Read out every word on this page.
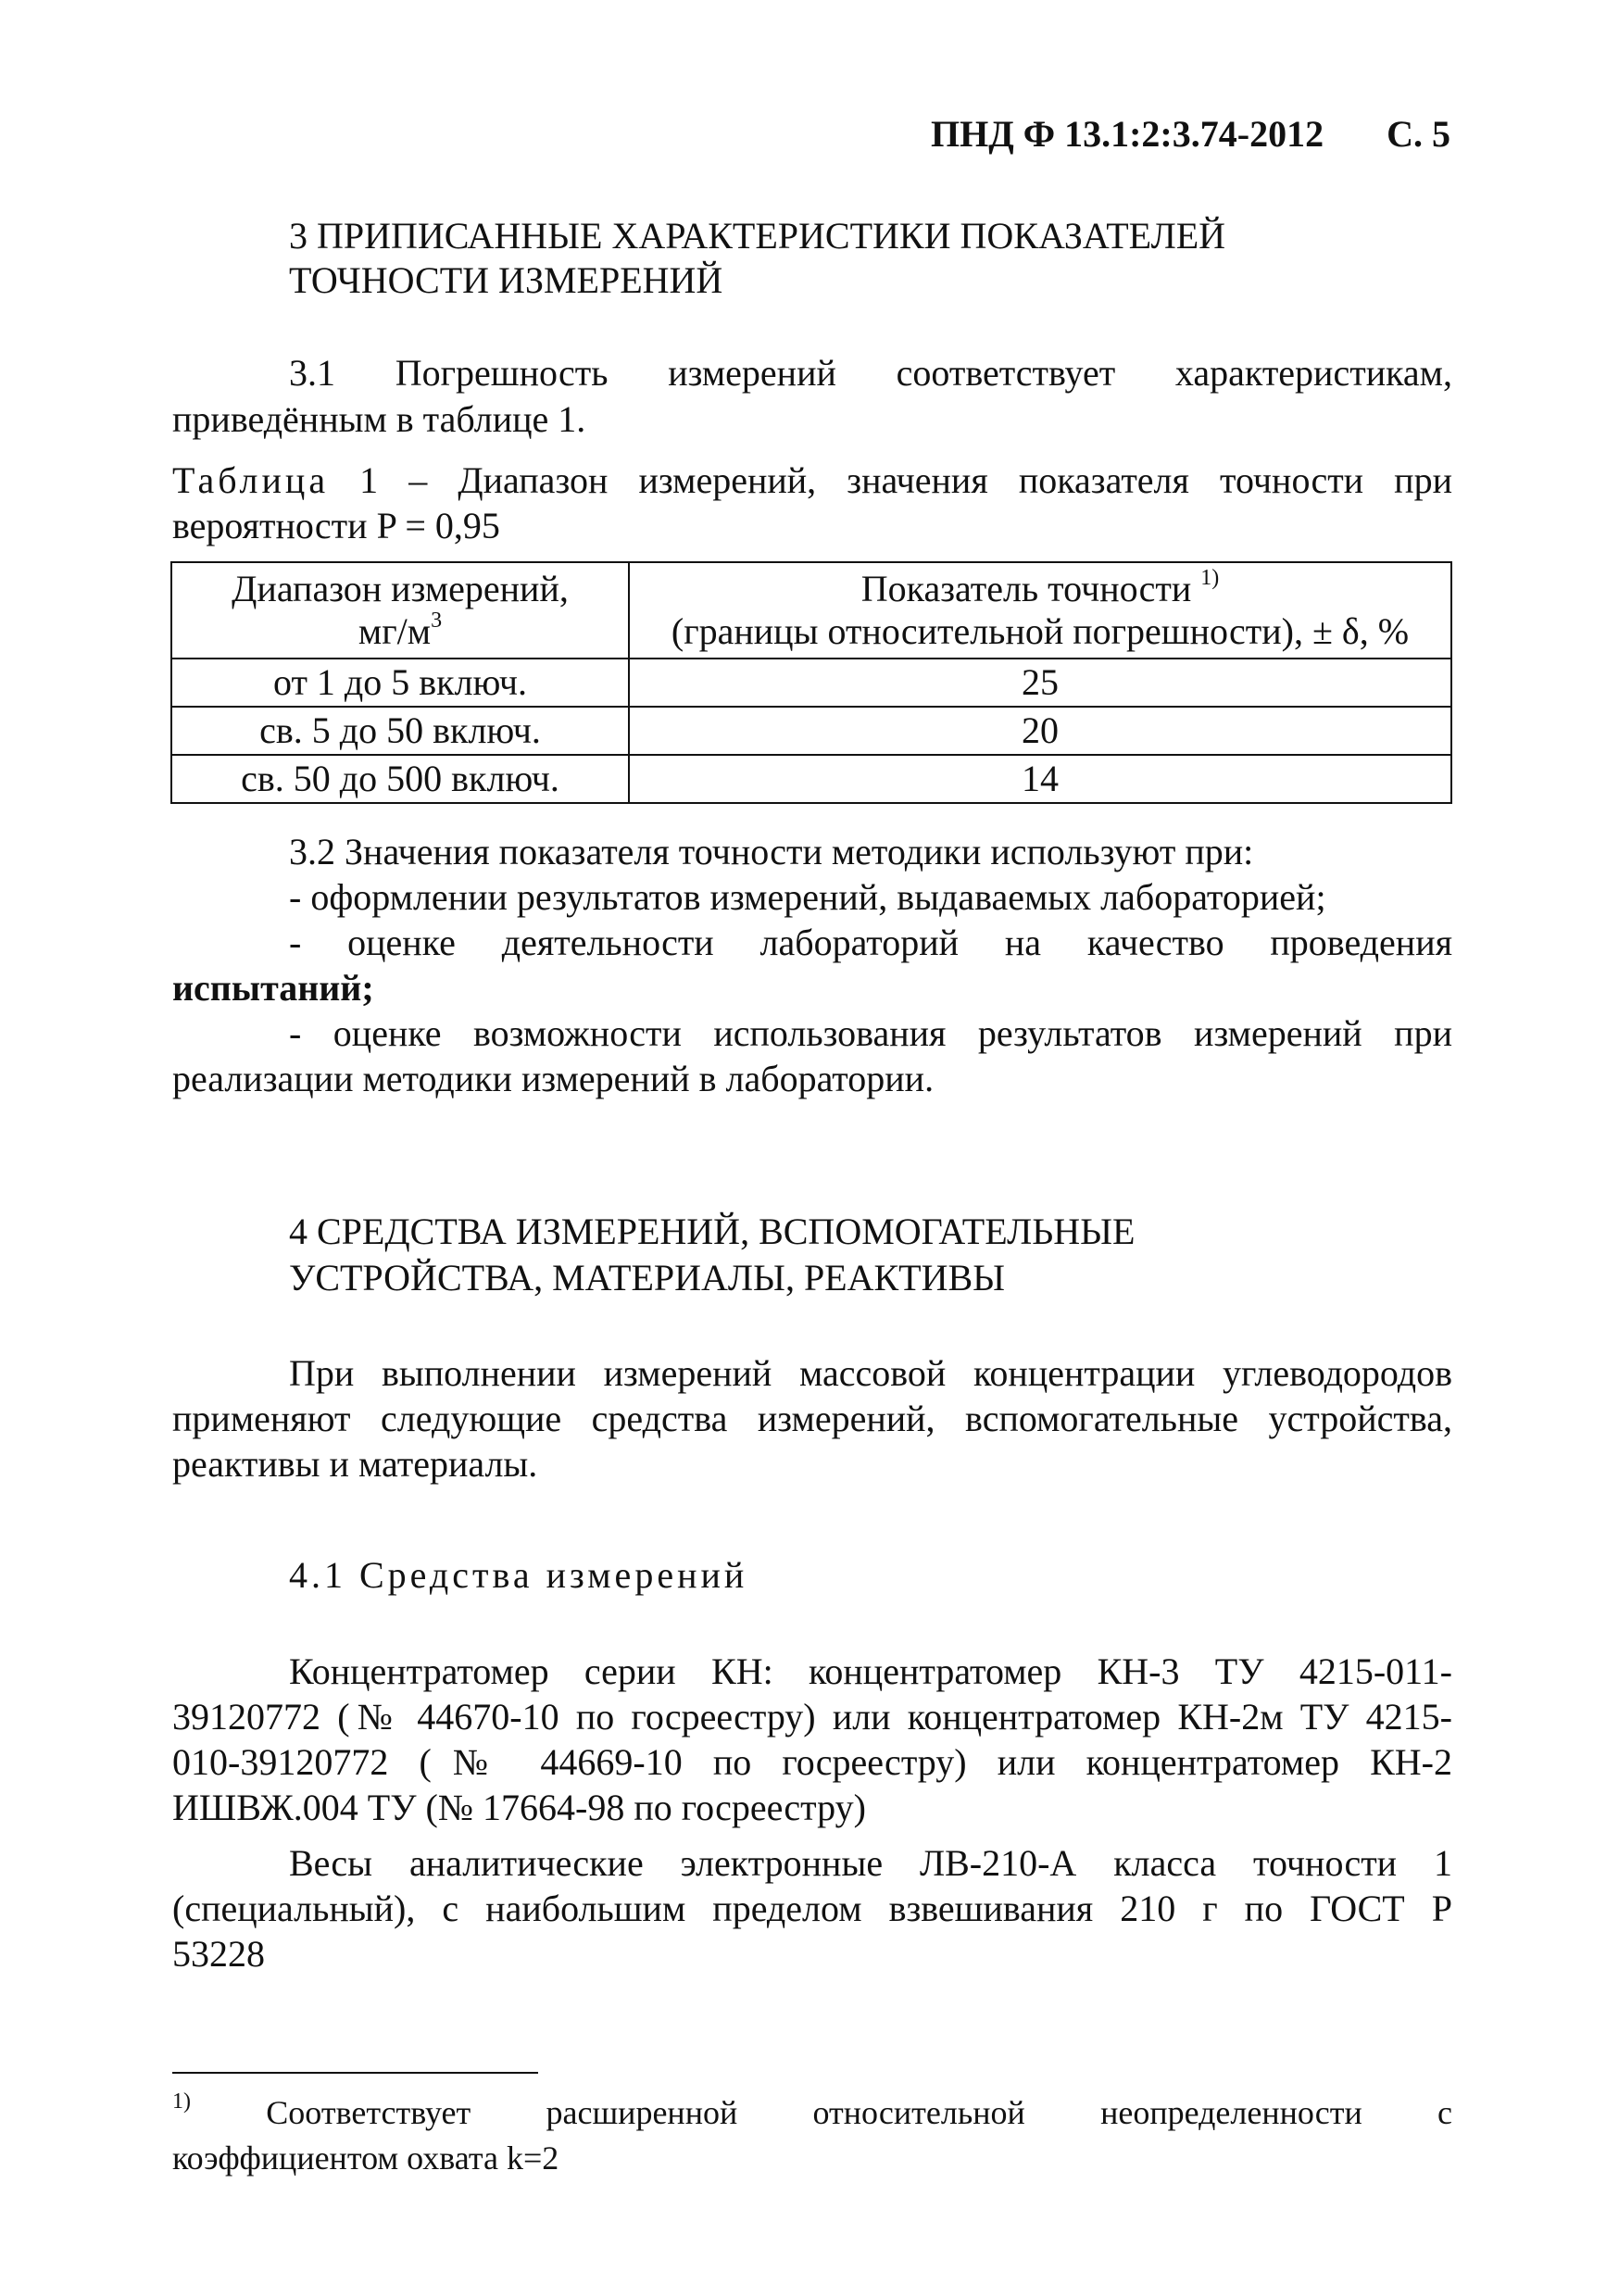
ПНД Ф 13.1:2:3.74-2012 С. 5
3 ПРИПИСАННЫЕ ХАРАКТЕРИСТИКИ ПОКАЗАТЕЛЕЙ
ТОЧНОСТИ ИЗМЕРЕНИЙ
3.1 Погрешность измерений соответствует характеристикам,
приведённым в таблице 1.
Таблица 1 – Диапазон измерений, значения показателя точности при
вероятности P = 0,95
Диапазон измерений,
$мг/м^3$	Показатель точности $^{1)}$
(границы относительной погрешности), ± δ, %
от 1 до 5 включ.	25
св. 5 до 50 включ.	20
св. 50 до 500 включ.	14
3.2 Значения показателя точности методики используют при:
- оформлении результатов измерений, выдаваемых лабораторией;
- оценке деятельности лабораторий на качество проведения
испытаний;
- оценке возможности использования результатов измерений при
реализации методики измерений в лаборатории.
4 СРЕДСТВА ИЗМЕРЕНИЙ, ВСПОМОГАТЕЛЬНЫЕ
УСТРОЙСТВА, МАТЕРИАЛЫ, РЕАКТИВЫ
При выполнении измерений массовой концентрации углеводородов
применяют следующие средства измерений, вспомогательные устройства,
реактивы и материалы.
4.1 Средства измерений
Концентратомер серии КН: концентратомер КН-3 ТУ 4215-011-
39120772 (№ 44670-10 по госреестру) или концентратомер КН-2м ТУ 4215-
010-39120772 (№ 44669-10 по госреестру) или концентратомер КН-2
ИШВЖ.004 ТУ (№ 17664-98 по госреестру)
Весы аналитические электронные ЛВ-210-А класса точности 1
(специальный), с наибольшим пределом взвешивания 210 г по ГОСТ Р
53228
$^{1)}$ Соответствует расширенной относительной неопределенности с
коэффициентом охвата k=2
